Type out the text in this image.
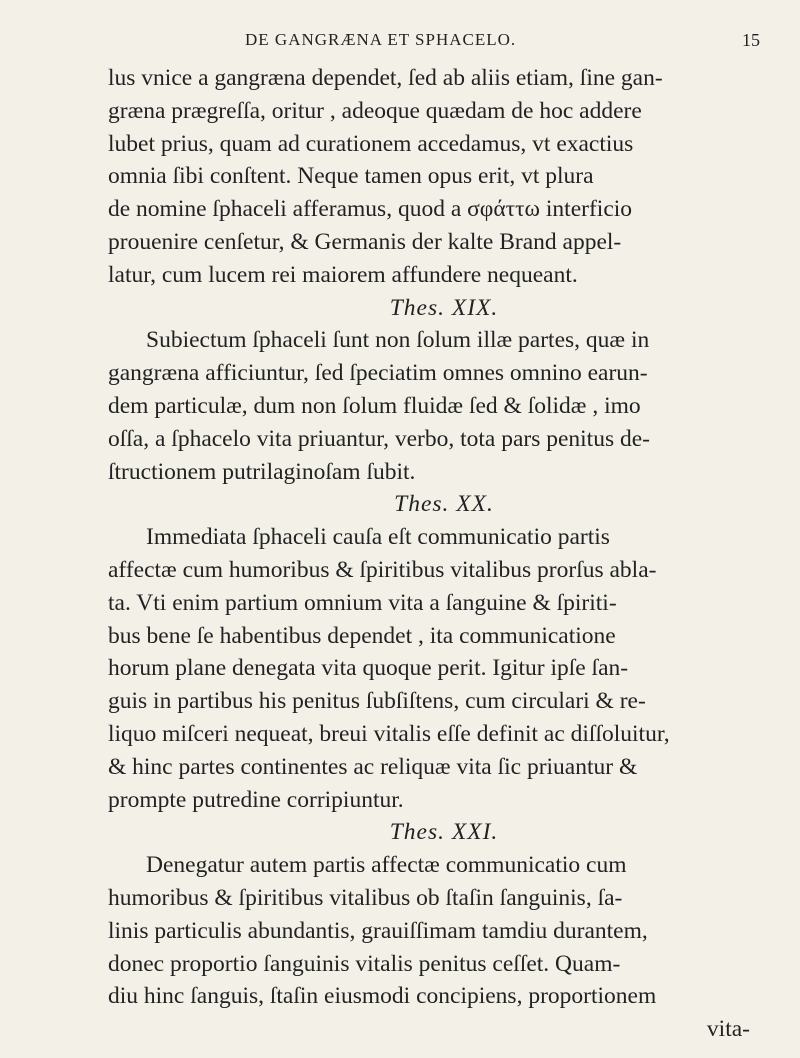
DE GANGRÆNA ET SPHACELO.	15
lus vnice a gangræna dependet, ſed ab aliis etiam, ſine gan-
græna prægreſſa, oritur , adeoque quædam de hoc addere
lubet prius, quam ad curationem accedamus, vt exactius
omnia ſibi conſtent. Neque tamen opus erit, vt plura
de nomine ſphaceli afferamus, quod a σφάττω interficio
prouenire cenſetur, & Germanis der kalte Brand appel-
latur, cum lucem rei maiorem affundere nequeant.
Thes. XIX.
Subiectum ſphaceli ſunt non ſolum illæ partes, quæ in
gangræna afficiuntur, ſed ſpeciatim omnes omnino earun-
dem particulæ, dum non ſolum fluidæ ſed & ſolidæ , imo
oſſa, a ſphacelo vita priuantur, verbo, tota pars penitus de-
ſtructionem putrilaginoſam ſubit.
Thes. XX.
Immediata ſphaceli cauſa eſt communicatio partis
affectæ cum humoribus & ſpiritibus vitalibus prorſus abla-
ta. Vti enim partium omnium vita a ſanguine & ſpiriti-
bus bene ſe habentibus dependet , ita communicatione
horum plane denegata vita quoque perit. Igitur ipſe ſan-
guis in partibus his penitus ſubſiſtens, cum circulari & re-
liquo miſceri nequeat, breui vitalis eſſe definit ac diſſoluitur,
& hinc partes continentes ac reliquæ vita ſic priuantur &
prompte putredine corripiuntur.
Thes. XXI.
Denegatur autem partis affectæ communicatio cum
humoribus & ſpiritibus vitalibus ob ſtaſin ſanguinis, ſa-
linis particulis abundantis, grauiſſimam tamdiu durantem,
donec proportio ſanguinis vitalis penitus ceſſet. Quam-
diu hinc ſanguis, ſtaſin eiusmodi concipiens, proportionem
vita-
